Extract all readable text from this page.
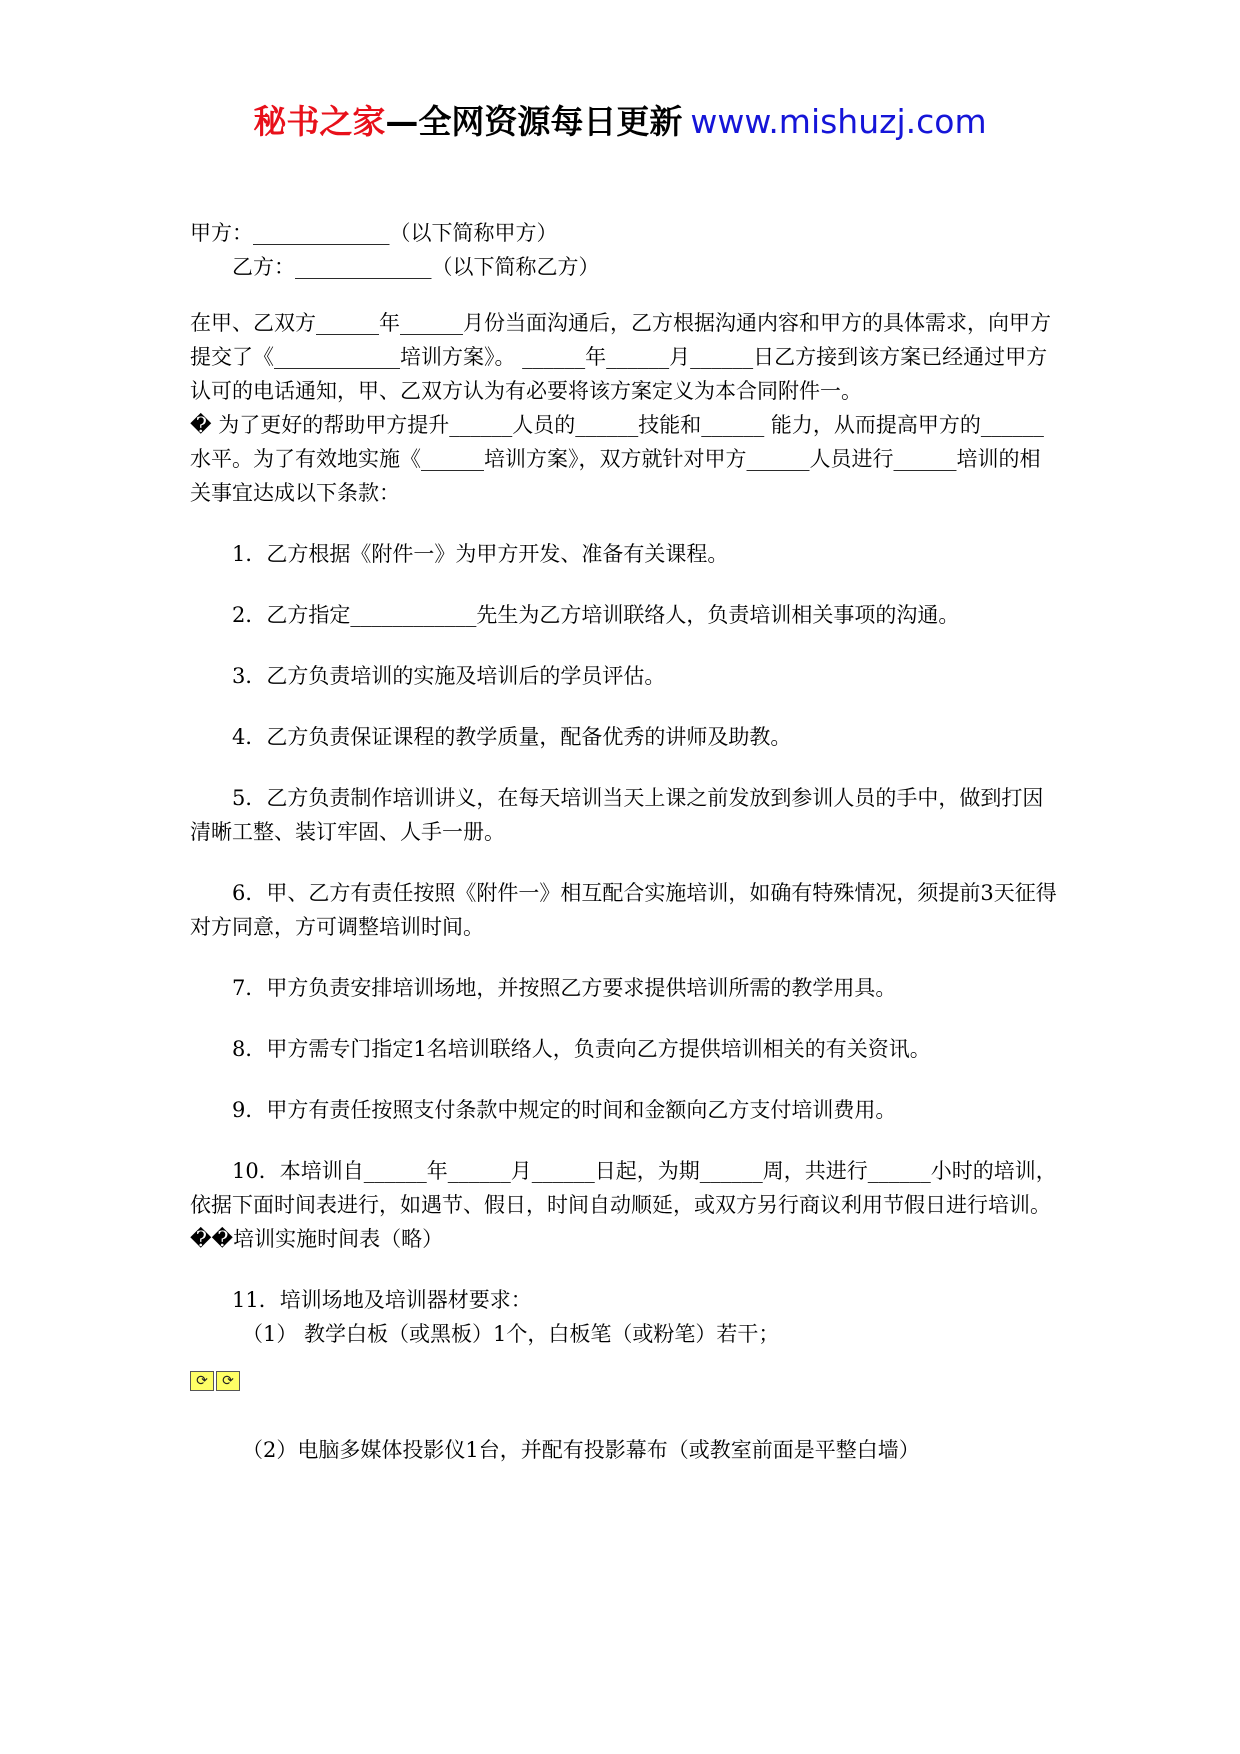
秘书之家—全网资源每日更新 www.mishuzj.com

甲方：_____________（以下简称甲方）

乙方：_____________（以下简称乙方）

在甲、乙双方______年______月份当面沟通后，乙方根据沟通内容和甲方的具体需求，向甲方提交了《____________培训方案》。 ______年______月______日乙方接到该方案已经通过甲方认可的电话通知，甲、乙双方认为有必要将该方案定义为本合同附件一。

� 为了更好的帮助甲方提升______人员的______技能和______ 能力，从而提高甲方的______水平。为了有效地实施《______培训方案》，双方就针对甲方______人员进行______培训的相关事宜达成以下条款：

1．乙方根据《附件一》为甲方开发、准备有关课程。

2．乙方指定____________先生为乙方培训联络人，负责培训相关事项的沟通。

3．乙方负责培训的实施及培训后的学员评估。

4．乙方负责保证课程的教学质量，配备优秀的讲师及助教。

5．乙方负责制作培训讲义，在每天培训当天上课之前发放到参训人员的手中，做到打因清晰工整、装订牢固、人手一册。

6．甲、乙方有责任按照《附件一》相互配合实施培训，如确有特殊情况，须提前3天征得对方同意，方可调整培训时间。

7．甲方负责安排培训场地，并按照乙方要求提供培训所需的教学用具。

8．甲方需专门指定1名培训联络人，负责向乙方提供培训相关的有关资讯。

9．甲方有责任按照支付条款中规定的时间和金额向乙方支付培训费用。

10．本培训自______年______月______日起，为期______周，共进行______小时的培训，依据下面时间表进行，如遇节、假日，时间自动顺延，或双方另行商议利用节假日进行培训。

��培训实施时间表（略）

11．培训场地及培训器材要求：

（1） 教学白板（或黑板）1个，白板笔（或粉笔）若干；

⟳	⟳

（2）电脑多媒体投影仪1台，并配有投影幕布（或教室前面是平整白墙）
